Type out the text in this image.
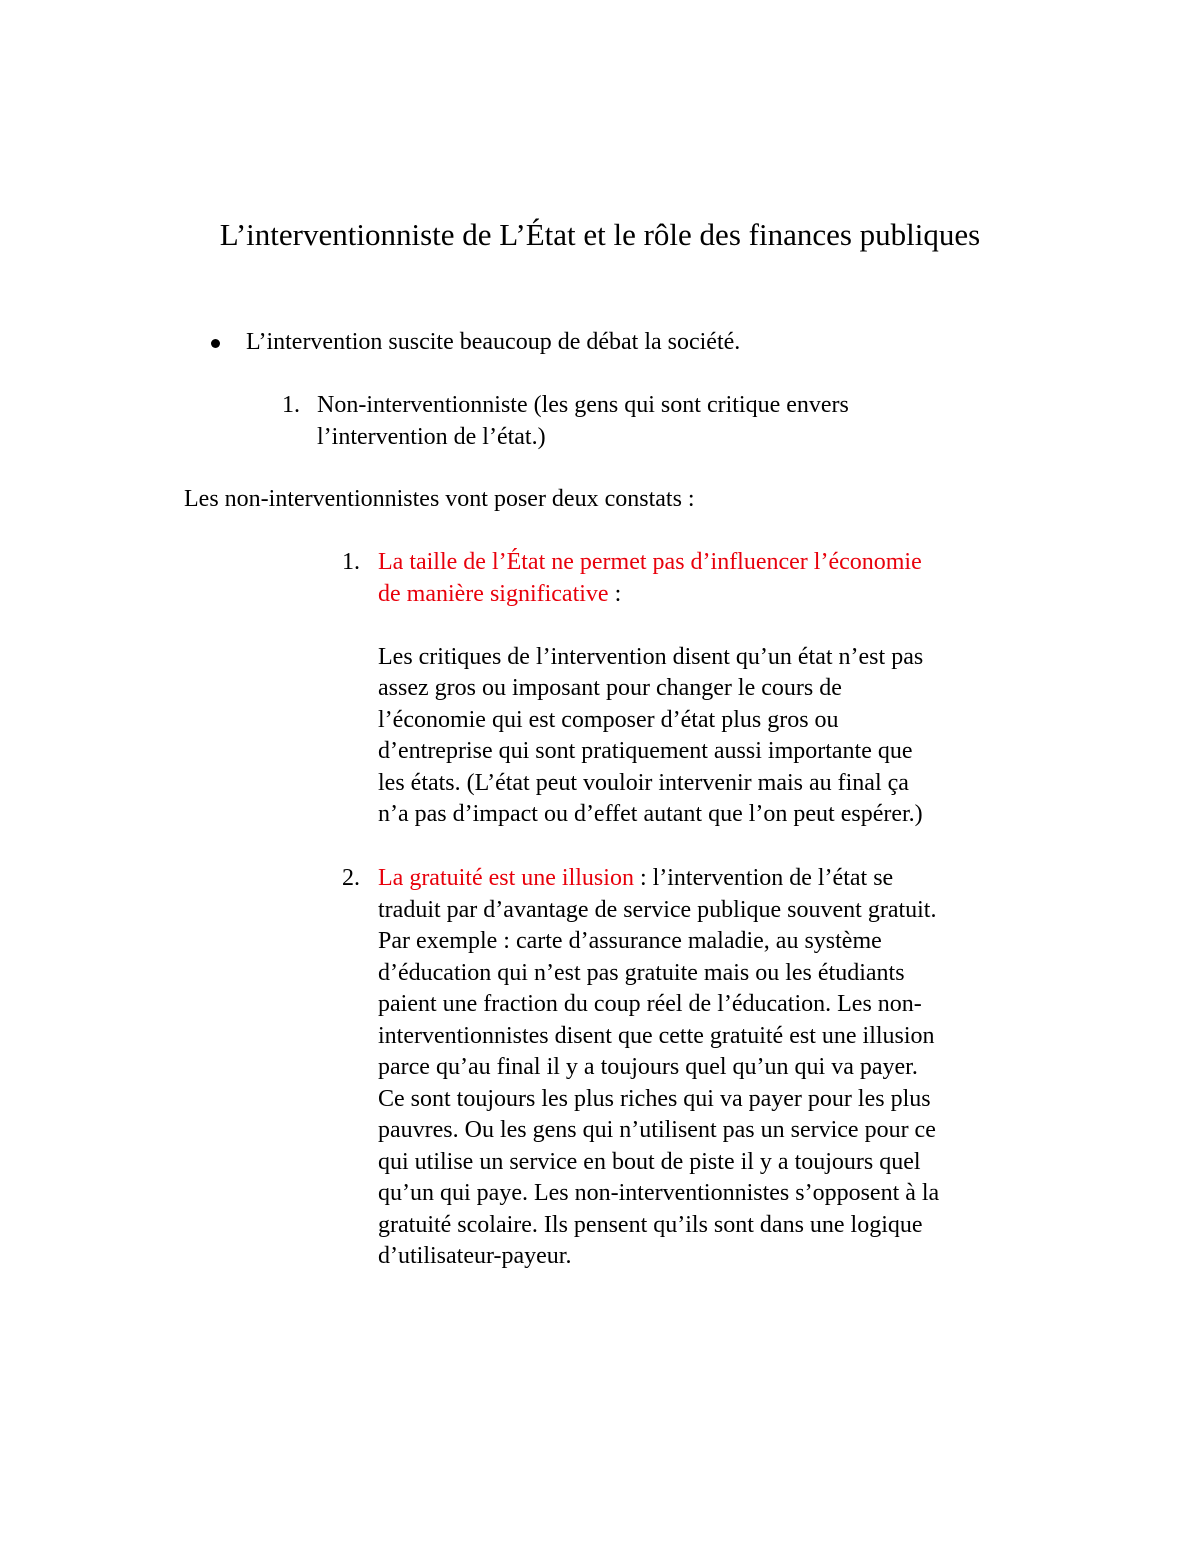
L’interventionniste de L’État et le rôle des finances publiques
L’intervention suscite beaucoup de débat la société.
1. Non-interventionniste (les gens qui sont critique envers
l’intervention de l’état.)
Les non-interventionnistes vont poser deux constats :
1. La taille de l’État ne permet pas d’influencer l’économie
de manière significative :
Les critiques de l’intervention disent qu’un état n’est pas
assez gros ou imposant pour changer le cours de
l’économie qui est composer d’état plus gros ou
d’entreprise qui sont pratiquement aussi importante que
les états. (L’état peut vouloir intervenir mais au final ça
n’a pas d’impact ou d’effet autant que l’on peut espérer.)
2. La gratuité est une illusion : l’intervention de l’état se
traduit par d’avantage de service publique souvent gratuit.
Par exemple : carte d’assurance maladie, au système
d’éducation qui n’est pas gratuite mais ou les étudiants
paient une fraction du coup réel de l’éducation. Les non-
interventionnistes disent que cette gratuité est une illusion
parce qu’au final il y a toujours quel qu’un qui va payer.
Ce sont toujours les plus riches qui va payer pour les plus
pauvres. Ou les gens qui n’utilisent pas un service pour ce
qui utilise un service en bout de piste il y a toujours quel
qu’un qui paye. Les non-interventionnistes s’opposent à la
gratuité scolaire. Ils pensent qu’ils sont dans une logique
d’utilisateur-payeur.
